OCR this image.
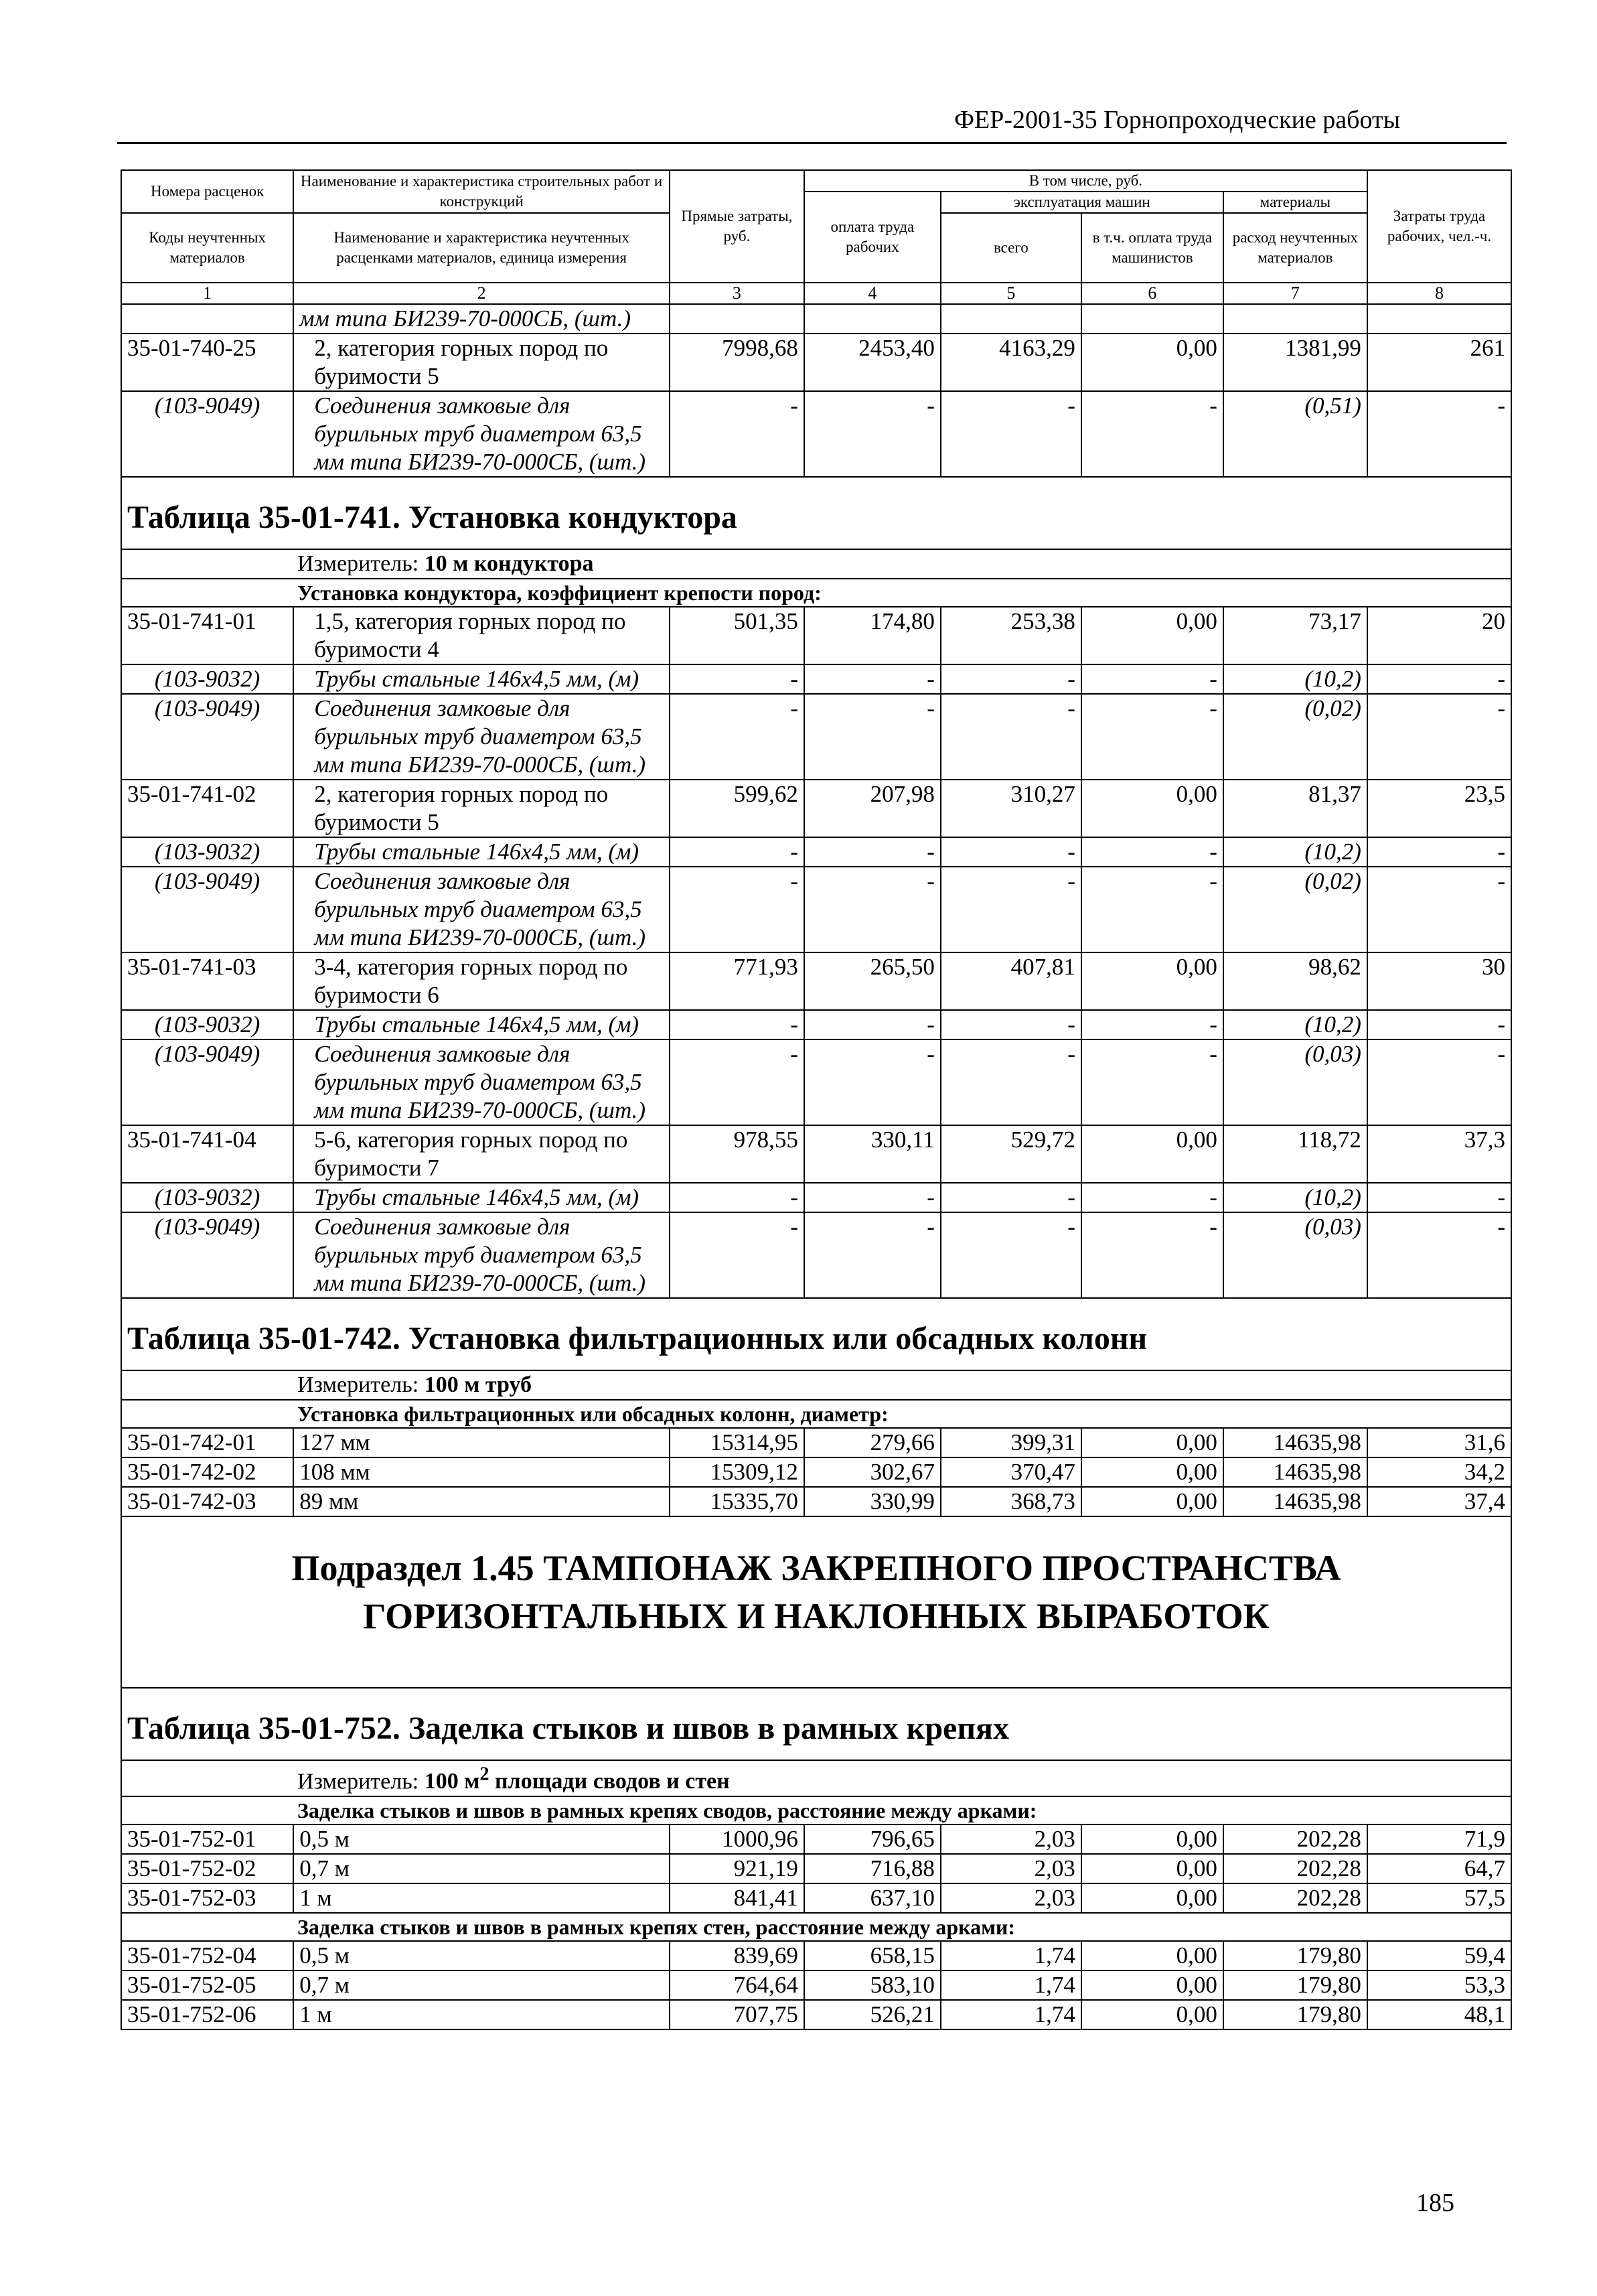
ФЕР-2001-35 Горнопроходческие работы
Номера расценок	Наименование и характеристика строительных работ и конструкций	Прямые затраты, руб.	В том числе, руб.				Затраты труда рабочих, чел.-ч.
			оплата труда рабочих	эксплуатация машин		материалы	
Коды неучтенных материалов	Наименование и характеристика неучтенных расценками материалов, единица измерения			всего	в т.ч. оплата труда машинистов	расход неучтенных материалов	

1	2	3	4	5	6	7	8
	мм типа БИ239-70-000СБ, (шт.)						
35-01-740-25	2, категория горных пород по буримости 5	7998,68	2453,40	4163,29	0,00	1381,99	261
(103-9049)	Соединения замковые для бурильных труб диаметром 63,5 мм типа БИ239-70-000СБ, (шт.)	-	-	-	-	(0,51)	-
Таблица 35-01-741. Установка кондуктора							
Измеритель: 10 м кондуктора							
Установка кондуктора, коэффициент крепости пород:							
35-01-741-01	1,5, категория горных пород по буримости 4	501,35	174,80	253,38	0,00	73,17	20
(103-9032)	Трубы стальные 146х4,5 мм, (м)	-	-	-	-	(10,2)	-
(103-9049)	Соединения замковые для бурильных труб диаметром 63,5 мм типа БИ239-70-000СБ, (шт.)	-	-	-	-	(0,02)	-
35-01-741-02	2, категория горных пород по буримости 5	599,62	207,98	310,27	0,00	81,37	23,5
(103-9032)	Трубы стальные 146х4,5 мм, (м)	-	-	-	-	(10,2)	-
(103-9049)	Соединения замковые для бурильных труб диаметром 63,5 мм типа БИ239-70-000СБ, (шт.)	-	-	-	-	(0,02)	-
35-01-741-03	3-4, категория горных пород по буримости 6	771,93	265,50	407,81	0,00	98,62	30
(103-9032)	Трубы стальные 146х4,5 мм, (м)	-	-	-	-	(10,2)	-
(103-9049)	Соединения замковые для бурильных труб диаметром 63,5 мм типа БИ239-70-000СБ, (шт.)	-	-	-	-	(0,03)	-
35-01-741-04	5-6, категория горных пород по буримости 7	978,55	330,11	529,72	0,00	118,72	37,3
(103-9032)	Трубы стальные 146х4,5 мм, (м)	-	-	-	-	(10,2)	-
(103-9049)	Соединения замковые для бурильных труб диаметром 63,5 мм типа БИ239-70-000СБ, (шт.)	-	-	-	-	(0,03)	-
Таблица 35-01-742. Установка фильтрационных или обсадных колонн							
Измеритель: 100 м труб							
Установка фильтрационных или обсадных колонн, диаметр:							
35-01-742-01	127 мм	15314,95	279,66	399,31	0,00	14635,98	31,6
35-01-742-02	108 мм	15309,12	302,67	370,47	0,00	14635,98	34,2
35-01-742-03	89 мм	15335,70	330,99	368,73	0,00	14635,98	37,4

Подраздел 1.45 ТАМПОНАЖ ЗАКРЕПНОГО ПРОСТРАНСТВА
ГОРИЗОНТАЛЬНЫХ И НАКЛОННЫХ ВЫРАБОТОК							

Таблица 35-01-752. Заделка стыков и швов в рамных крепях							
Измеритель: 100 $м^2$ площади сводов и стен							
Заделка стыков и швов в рамных крепях сводов, расстояние между арками:							
35-01-752-01	0,5 м	1000,96	796,65	2,03	0,00	202,28	71,9
35-01-752-02	0,7 м	921,19	716,88	2,03	0,00	202,28	64,7
35-01-752-03	1 м	841,41	637,10	2,03	0,00	202,28	57,5
Заделка стыков и швов в рамных крепях стен, расстояние между арками:							
35-01-752-04	0,5 м	839,69	658,15	1,74	0,00	179,80	59,4
35-01-752-05	0,7 м	764,64	583,10	1,74	0,00	179,80	53,3
35-01-752-06	1 м	707,75	526,21	1,74	0,00	179,80	48,1
185
